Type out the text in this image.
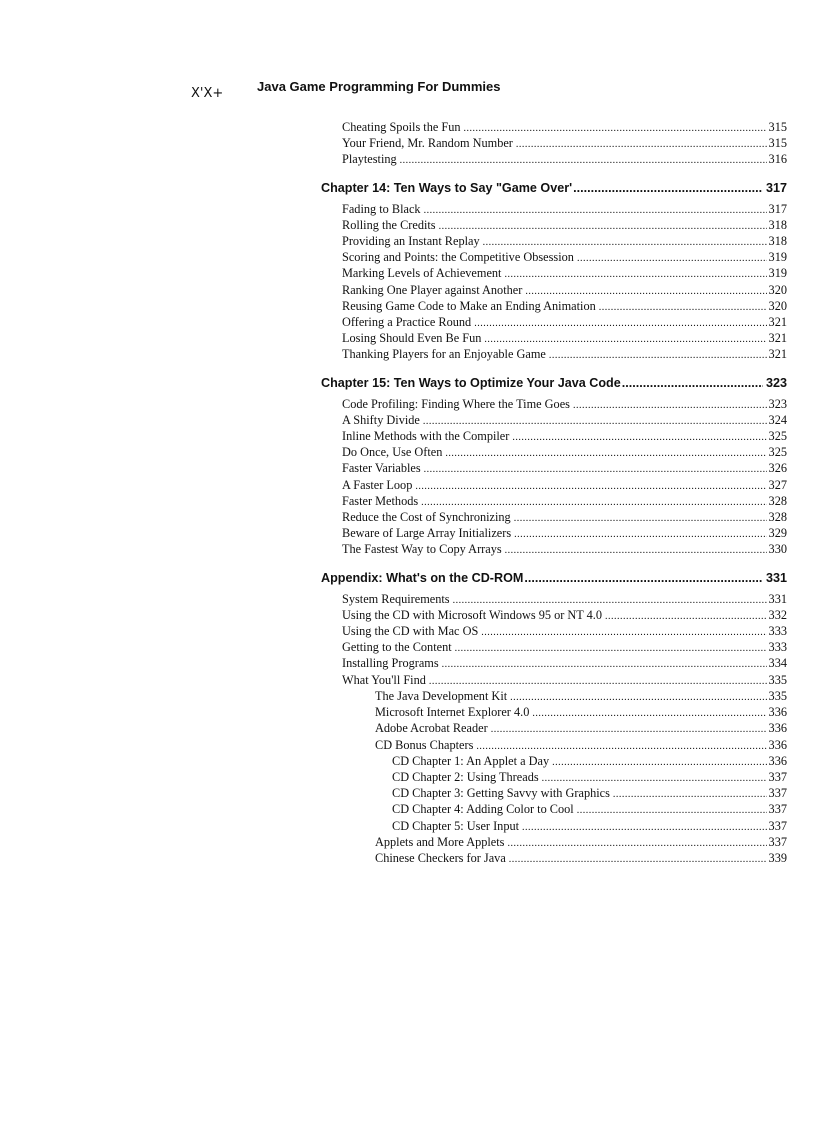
X'X+	Java Game Programming For Dummies
Cheating Spoils the Fun .....	315
Your Friend, Mr. Random Number .....	315
Playtesting .....	316
Chapter 14: Ten Ways to Say "Game Over' .....	317
Fading to Black .....	317
Rolling the Credits .....	318
Providing an Instant Replay .....	318
Scoring and Points: the Competitive Obsession .....	319
Marking Levels of Achievement .....	319
Ranking One Player against Another .....	320
Reusing Game Code to Make an Ending Animation .....	320
Offering a Practice Round .....	321
Losing Should Even Be Fun .....	321
Thanking Players for an Enjoyable Game .....	321
Chapter 15: Ten Ways to Optimize Your Java Code .....	323
Code Profiling: Finding Where the Time Goes .....	323
A Shifty Divide .....	324
Inline Methods with the Compiler .....	325
Do Once, Use Often .....	325
Faster Variables .....	326
A Faster Loop .....	327
Faster Methods .....	328
Reduce the Cost of Synchronizing .....	328
Beware of Large Array Initializers .....	329
The Fastest Way to Copy Arrays .....	330
Appendix: What's on the CD-ROM .....	331
System Requirements .....	331
Using the CD with Microsoft Windows 95 or NT 4.0 .....	332
Using the CD with Mac OS .....	333
Getting to the Content .....	333
Installing Programs .....	334
What You'll Find .....	335
The Java Development Kit .....	335
Microsoft Internet Explorer 4.0 .....	336
Adobe Acrobat Reader .....	336
CD Bonus Chapters .....	336
CD Chapter 1: An Applet a Day .....	336
CD Chapter 2: Using Threads .....	337
CD Chapter 3: Getting Savvy with Graphics .....	337
CD Chapter 4: Adding Color to Cool .....	337
CD Chapter 5: User Input .....	337
Applets and More Applets .....	337
Chinese Checkers for Java .....	339
